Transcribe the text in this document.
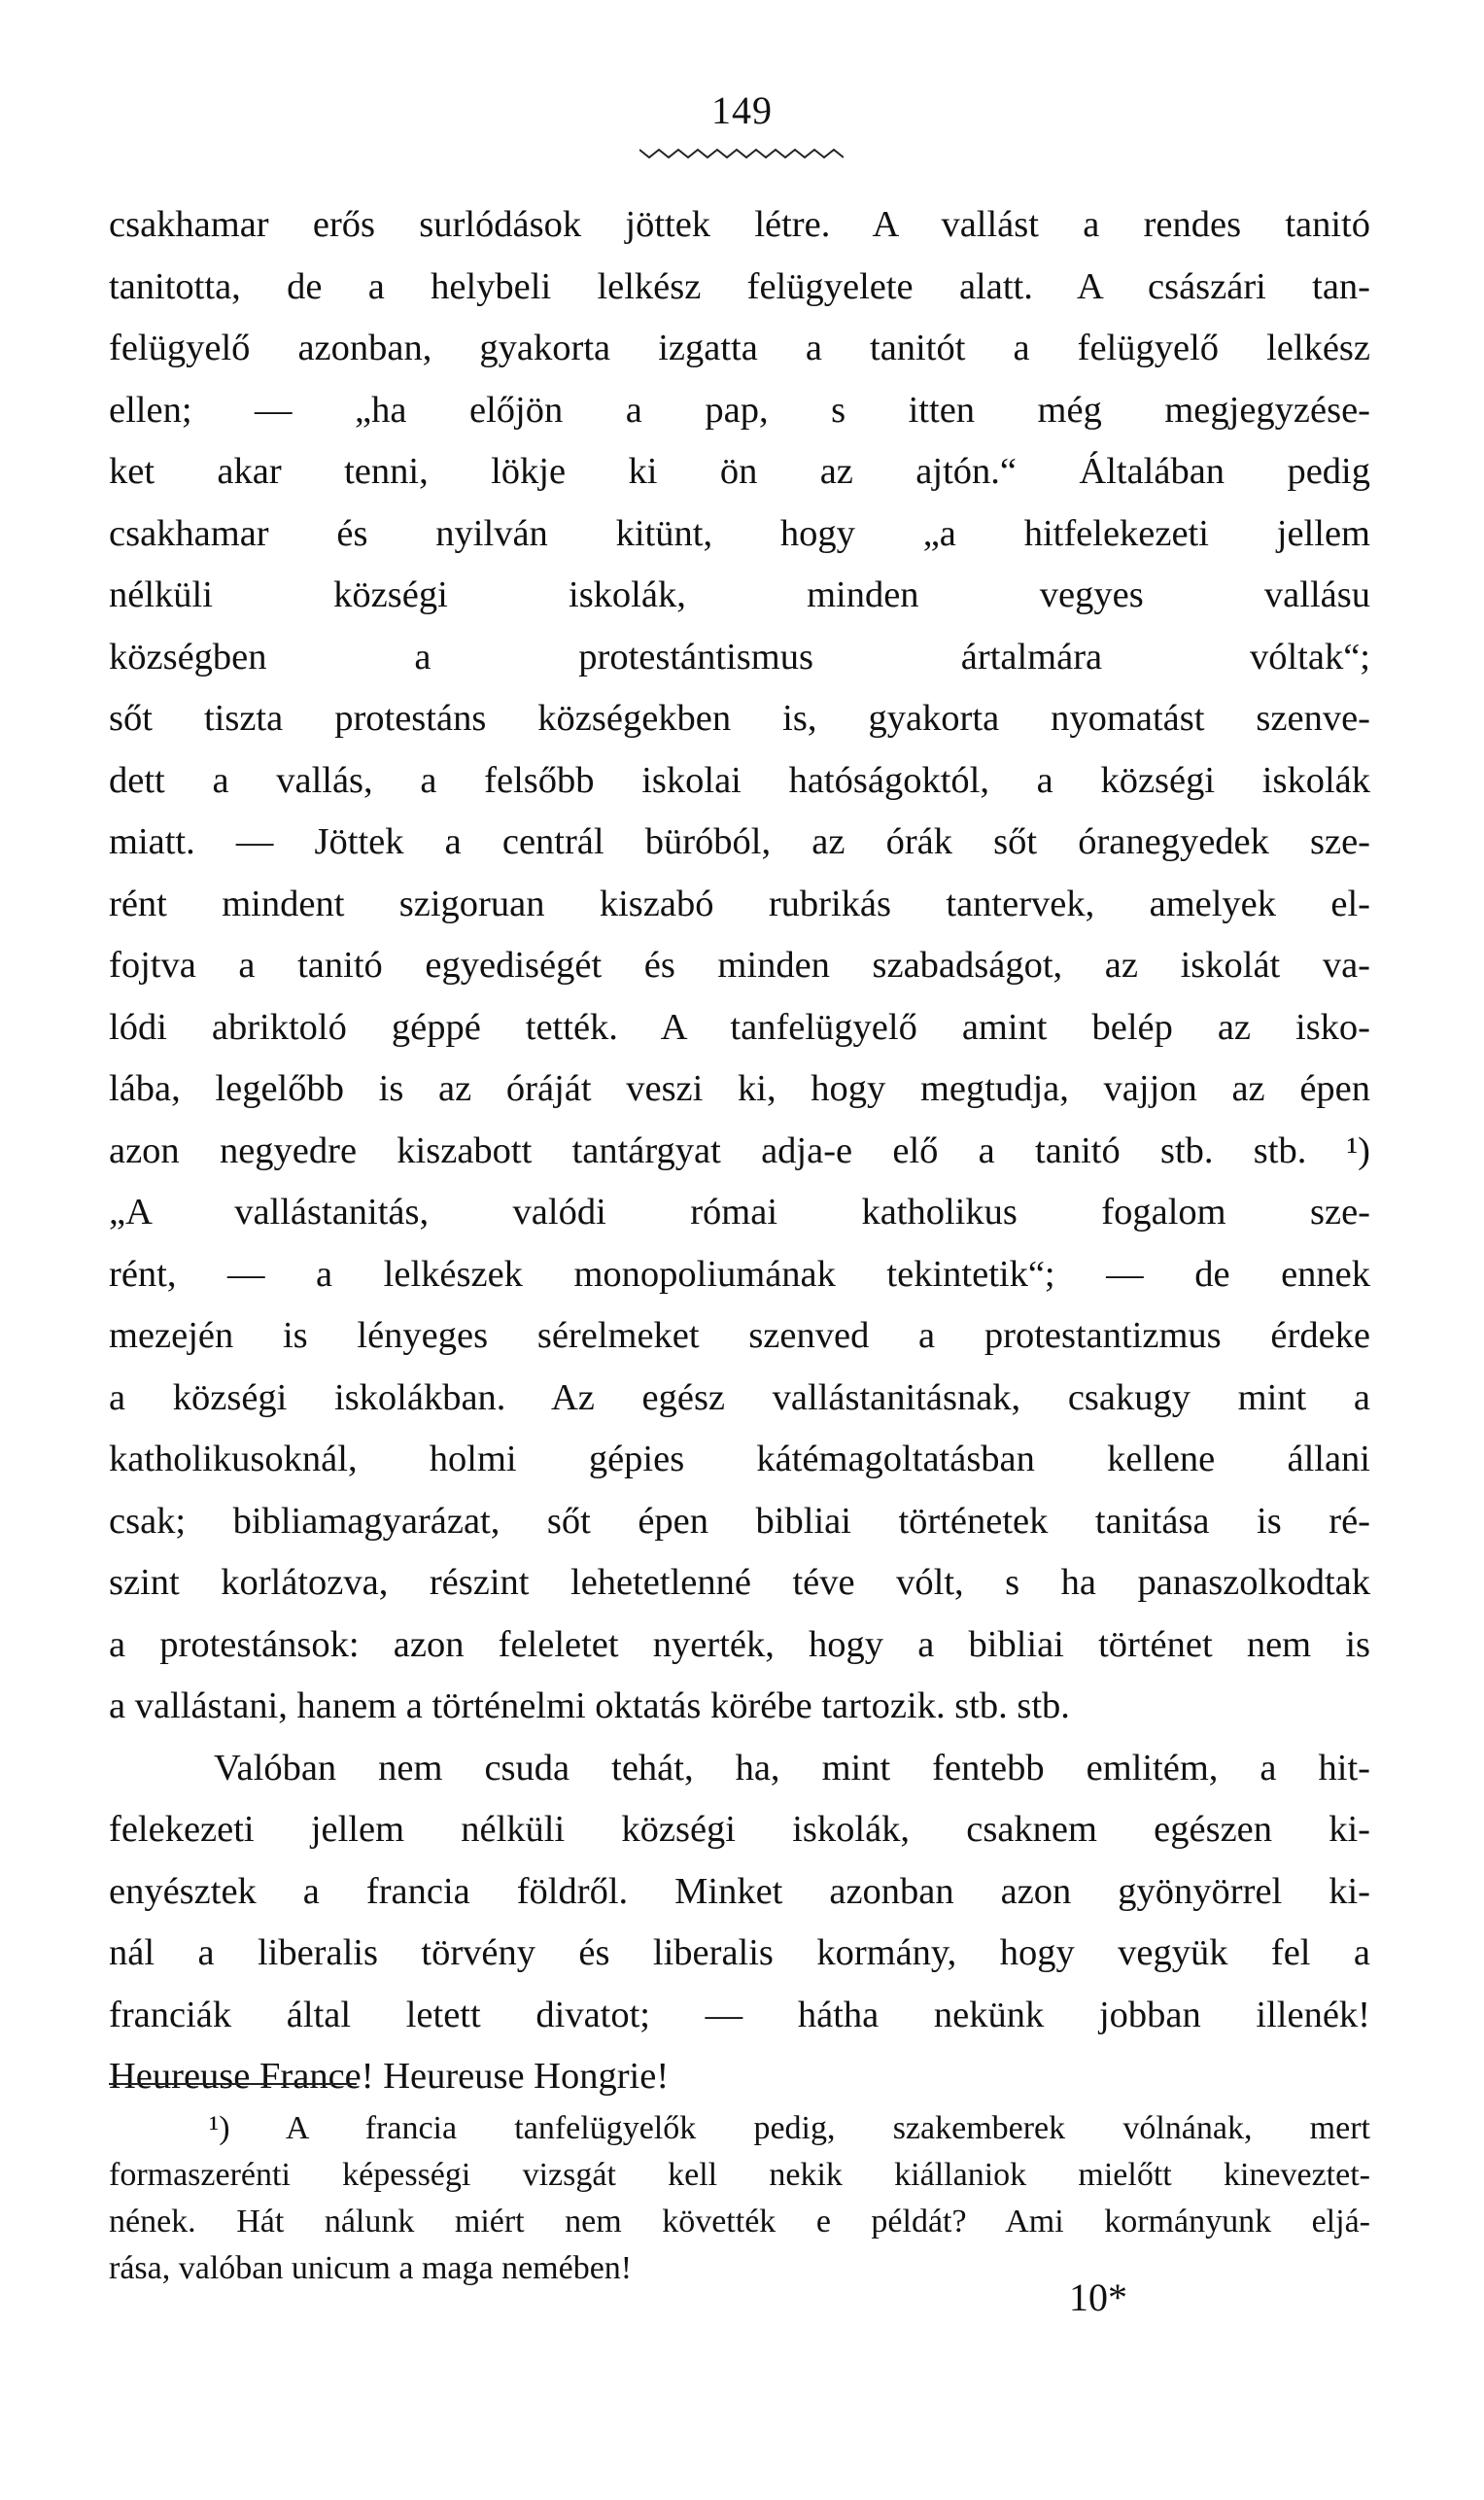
149
csakhamar erős surlódások jöttek létre. A vallást a rendes tanitó
tanitotta, de a helybeli lelkész felügyelete alatt. A császári tan-
felügyelő azonban, gyakorta izgatta a tanitót a felügyelő lelkész
ellen; — „ha előjön a pap, s itten még megjegyzése-
ket akar tenni, lökje ki ön az ajtón.“ Általában pedig
csakhamar és nyilván kitünt, hogy „a hitfelekezeti jellem
nélküli községi iskolák, minden vegyes vallásu
községben a protestántismus ártalmára vóltak“;
sőt tiszta protestáns községekben is, gyakorta nyomatást szenve-
dett a vallás, a felsőbb iskolai hatóságoktól, a községi iskolák
miatt. — Jöttek a centrál büróból, az órák sőt óranegyedek sze-
rént mindent szigoruan kiszabó rubrikás tantervek, amelyek el-
fojtva a tanitó egyediségét és minden szabadságot, az iskolát va-
lódi abriktoló géppé tették. A tanfelügyelő amint belép az isko-
lába, legelőbb is az óráját veszi ki, hogy megtudja, vajjon az épen
azon negyedre kiszabott tantárgyat adja-e elő a tanitó stb. stb. ¹)
„A vallástanitás, valódi római katholikus fogalom sze-
rént, — a lelkészek monopoliumának tekintetik“; — de ennek
mezején is lényeges sérelmeket szenved a protestantizmus érdeke
a községi iskolákban. Az egész vallástanitásnak, csakugy mint a
katholikusoknál, holmi gépies kátémagoltatásban kellene állani
csak; bibliamagyarázat, sőt épen bibliai történetek tanitása is ré-
szint korlátozva, részint lehetetlenné téve vólt, s ha panaszolkodtak
a protestánsok: azon feleletet nyerték, hogy a bibliai történet nem is
a vallástani, hanem a történelmi oktatás körébe tartozik. stb. stb.
Valóban nem csuda tehát, ha, mint fentebb emlitém, a hit-
felekezeti jellem nélküli községi iskolák, csaknem egészen ki-
enyésztek a francia földről. Minket azonban azon gyönyörrel ki-
nál a liberalis törvény és liberalis kormány, hogy vegyük fel a
franciák által letett divatot; — hátha nekünk jobban illenék!
Heureuse France! Heureuse Hongrie!
¹) A francia tanfelügyelők pedig, szakemberek vólnának, mert
formaszerénti képességi vizsgát kell nekik kiállaniok mielőtt kineveztet-
nének. Hát nálunk miért nem követték e példát? Ami kormányunk eljá-
rása, valóban unicum a maga nemében!
10*
